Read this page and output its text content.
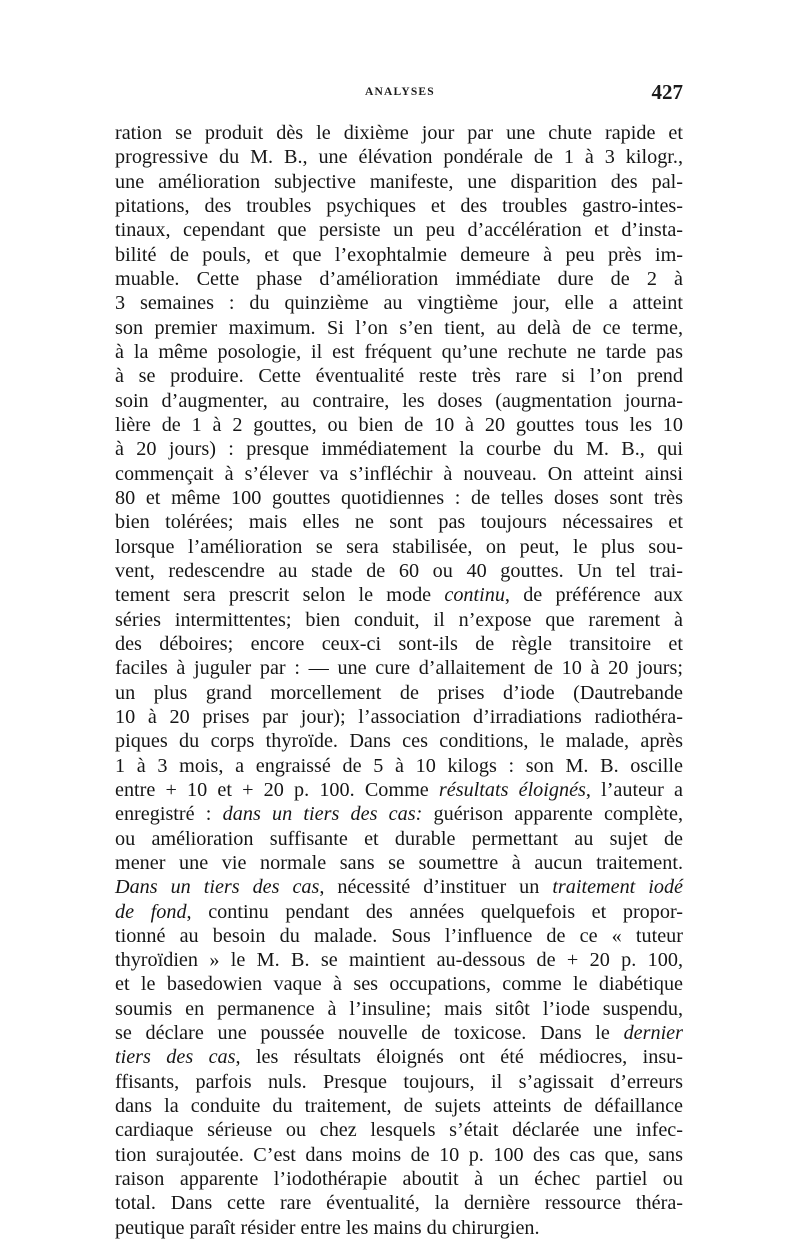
ANALYSES	427
ration se produit dès le dixième jour par une chute rapide et
progressive du M. B., une élévation pondérale de 1 à 3 kilogr.,
une amélioration subjective manifeste, une disparition des pal-
pitations, des troubles psychiques et des troubles gastro-intes-
tinaux, cependant que persiste un peu d’accélération et d’insta-
bilité de pouls, et que l’exophtalmie demeure à peu près im-
muable. Cette phase d’amélioration immédiate dure de 2 à
3 semaines : du quinzième au vingtième jour, elle a atteint
son premier maximum. Si l’on s’en tient, au delà de ce terme,
à la même posologie, il est fréquent qu’une rechute ne tarde pas
à se produire. Cette éventualité reste très rare si l’on prend
soin d’augmenter, au contraire, les doses (augmentation journa-
lière de 1 à 2 gouttes, ou bien de 10 à 20 gouttes tous les 10
à 20 jours) : presque immédiatement la courbe du M. B., qui
commençait à s’élever va s’infléchir à nouveau. On atteint ainsi
80 et même 100 gouttes quotidiennes : de telles doses sont très
bien tolérées; mais elles ne sont pas toujours nécessaires et
lorsque l’amélioration se sera stabilisée, on peut, le plus sou-
vent, redescendre au stade de 60 ou 40 gouttes. Un tel trai-
tement sera prescrit selon le mode continu, de préférence aux
séries intermittentes; bien conduit, il n’expose que rarement à
des déboires; encore ceux-ci sont-ils de règle transitoire et
faciles à juguler par : — une cure d’allaitement de 10 à 20 jours;
un plus grand morcellement de prises d’iode (Dautrebande
10 à 20 prises par jour); l’association d’irradiations radiothéra-
piques du corps thyroïde. Dans ces conditions, le malade, après
1 à 3 mois, a engraissé de 5 à 10 kilogs : son M. B. oscille
entre + 10 et + 20 p. 100. Comme résultats éloignés, l’auteur a
enregistré : dans un tiers des cas: guérison apparente complète,
ou amélioration suffisante et durable permettant au sujet de
mener une vie normale sans se soumettre à aucun traitement.
Dans un tiers des cas, nécessité d’instituer un traitement iodé
de fond, continu pendant des années quelquefois et propor-
tionné au besoin du malade. Sous l’influence de ce « tuteur
thyroïdien » le M. B. se maintient au-dessous de + 20 p. 100,
et le basedowien vaque à ses occupations, comme le diabétique
soumis en permanence à l’insuline; mais sitôt l’iode suspendu,
se déclare une poussée nouvelle de toxicose. Dans le dernier
tiers des cas, les résultats éloignés ont été médiocres, insu-
ffisants, parfois nuls. Presque toujours, il s’agissait d’erreurs
dans la conduite du traitement, de sujets atteints de défaillance
cardiaque sérieuse ou chez lesquels s’était déclarée une infec-
tion surajoutée. C’est dans moins de 10 p. 100 des cas que, sans
raison apparente l’iodothérapie aboutit à un échec partiel ou
total. Dans cette rare éventualité, la dernière ressource théra-
peutique paraît résider entre les mains du chirurgien.
